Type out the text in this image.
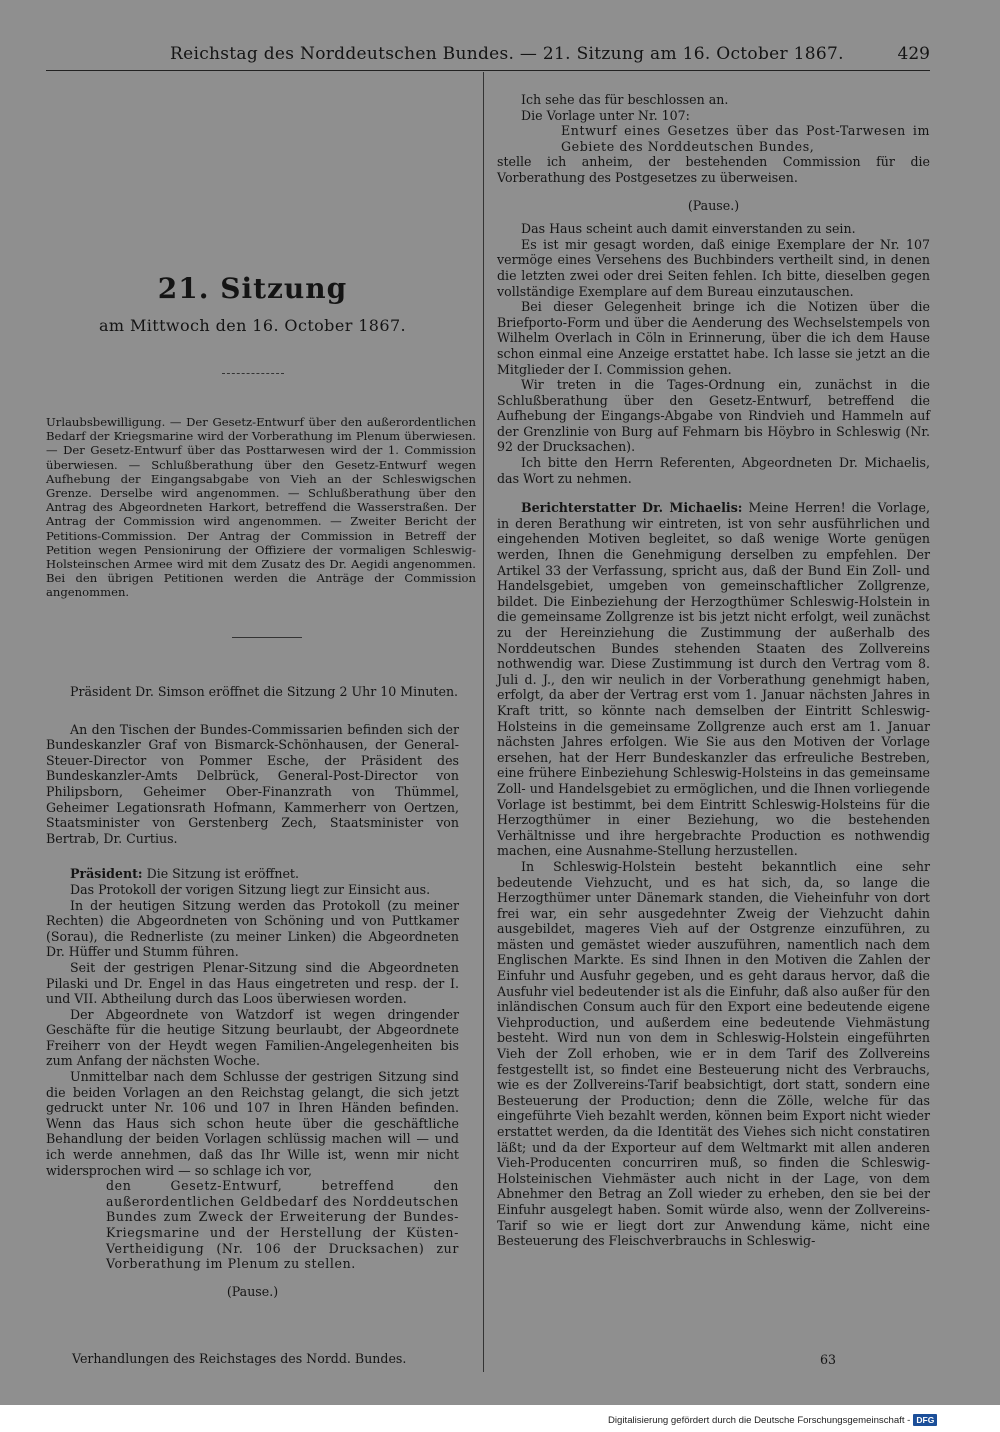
Reichstag des Norddeutschen Bundes. — 21. Sitzung am 16. October 1867.	429
21. Sitzung
am Mittwoch den 16. October 1867.
Urlaubsbewilligung. — Der Gesetz-Entwurf über den außerordentlichen Bedarf der Kriegsmarine wird der Vorberathung im Plenum überwiesen. — Der Gesetz-Entwurf über das Posttarwesen wird der 1. Commission überwiesen. — Schlußberathung über den Gesetz-Entwurf wegen Aufhebung der Eingangsabgabe von Vieh an der Schleswigschen Grenze. Derselbe wird angenommen. — Schlußberathung über den Antrag des Abgeordneten Harkort, betreffend die Wasserstraßen. Der Antrag der Commission wird angenommen. — Zweiter Bericht der Petitions-Commission. Der Antrag der Commission in Betreff der Petition wegen Pensionirung der Offiziere der vormaligen Schleswig-Holsteinschen Armee wird mit dem Zusatz des Dr. Aegidi angenommen. Bei den übrigen Petitionen werden die Anträge der Commission angenommen.

Präsident Dr. Simson eröffnet die Sitzung 2 Uhr 10 Minuten.

An den Tischen der Bundes-Commissarien befinden sich der Bundeskanzler Graf von Bismarck-Schönhausen, der General-Steuer-Director von Pommer Esche, der Präsident des Bundeskanzler-Amts Delbrück, General-Post-Director von Philipsborn, Geheimer Ober-Finanzrath von Thümmel, Geheimer Legationsrath Hofmann, Kammerherr von Oertzen, Staatsminister von Gerstenberg Zech, Staatsminister von Bertrab, Dr. Curtius.

Präsident: Die Sitzung ist eröffnet.

Das Protokoll der vorigen Sitzung liegt zur Einsicht aus.

In der heutigen Sitzung werden das Protokoll (zu meiner Rechten) die Abgeordneten von Schöning und von Puttkamer (Sorau), die Rednerliste (zu meiner Linken) die Abgeordneten Dr. Hüffer und Stumm führen.

Seit der gestrigen Plenar-Sitzung sind die Abgeordneten Pilaski und Dr. Engel in das Haus eingetreten und resp. der I. und VII. Abtheilung durch das Loos überwiesen worden.

Der Abgeordnete von Watzdorf ist wegen dringender Geschäfte für die heutige Sitzung beurlaubt, der Abgeordnete Freiherr von der Heydt wegen Familien-Angelegenheiten bis zum Anfang der nächsten Woche.

Unmittelbar nach dem Schlusse der gestrigen Sitzung sind die beiden Vorlagen an den Reichstag gelangt, die sich jetzt gedruckt unter Nr. 106 und 107 in Ihren Händen befinden. Wenn das Haus sich schon heute über die geschäftliche Behandlung der beiden Vorlagen schlüssig machen will — und ich werde annehmen, daß das Ihr Wille ist, wenn mir nicht widersprochen wird — so schlage ich vor,

den Gesetz-Entwurf, betreffend den außerordentlichen Geldbedarf des Norddeutschen Bundes zum Zweck der Erweiterung der Bundes-Kriegsmarine und der Herstellung der Küsten-Vertheidigung (Nr. 106 der Drucksachen) zur Vorberathung im Plenum zu stellen.

(Pause.)

Verhandlungen des Reichstages des Nordd. Bundes.

Ich sehe das für beschlossen an.

Die Vorlage unter Nr. 107:

Entwurf eines Gesetzes über das Post-Tarwesen im Gebiete des Norddeutschen Bundes,

stelle ich anheim, der bestehenden Commission für die Vorberathung des Postgesetzes zu überweisen.

(Pause.)

Das Haus scheint auch damit einverstanden zu sein.

Es ist mir gesagt worden, daß einige Exemplare der Nr. 107 vermöge eines Versehens des Buchbinders vertheilt sind, in denen die letzten zwei oder drei Seiten fehlen. Ich bitte, dieselben gegen vollständige Exemplare auf dem Bureau einzutauschen.

Bei dieser Gelegenheit bringe ich die Notizen über die Briefporto-Form und über die Aenderung des Wechselstempels von Wilhelm Overlach in Cöln in Erinnerung, über die ich dem Hause schon einmal eine Anzeige erstattet habe. Ich lasse sie jetzt an die Mitglieder der I. Commission gehen.

Wir treten in die Tages-Ordnung ein, zunächst in die Schlußberathung über den Gesetz-Entwurf, betreffend die Aufhebung der Eingangs-Abgabe von Rindvieh und Hammeln auf der Grenzlinie von Burg auf Fehmarn bis Höybro in Schleswig (Nr. 92 der Drucksachen).

Ich bitte den Herrn Referenten, Abgeordneten Dr. Michaelis, das Wort zu nehmen.

Berichterstatter Dr. Michaelis: Meine Herren! die Vorlage, in deren Berathung wir eintreten, ist von sehr ausführlichen und eingehenden Motiven begleitet, so daß wenige Worte genügen werden, Ihnen die Genehmigung derselben zu empfehlen. Der Artikel 33 der Verfassung, spricht aus, daß der Bund Ein Zoll- und Handelsgebiet, umgeben von gemeinschaftlicher Zollgrenze, bildet. Die Einbeziehung der Herzogthümer Schleswig-Holstein in die gemeinsame Zollgrenze ist bis jetzt nicht erfolgt, weil zunächst zu der Hereinziehung die Zustimmung der außerhalb des Norddeutschen Bundes stehenden Staaten des Zollvereins nothwendig war. Diese Zustimmung ist durch den Vertrag vom 8. Juli d. J., den wir neulich in der Vorberathung genehmigt haben, erfolgt, da aber der Vertrag erst vom 1. Januar nächsten Jahres in Kraft tritt, so könnte nach demselben der Eintritt Schleswig-Holsteins in die gemeinsame Zollgrenze auch erst am 1. Januar nächsten Jahres erfolgen. Wie Sie aus den Motiven der Vorlage ersehen, hat der Herr Bundeskanzler das erfreuliche Bestreben, eine frühere Einbeziehung Schleswig-Holsteins in das gemeinsame Zoll- und Handelsgebiet zu ermöglichen, und die Ihnen vorliegende Vorlage ist bestimmt, bei dem Eintritt Schleswig-Holsteins für die Herzogthümer in einer Beziehung, wo die bestehenden Verhältnisse und ihre hergebrachte Production es nothwendig machen, eine Ausnahme-Stellung herzustellen.

In Schleswig-Holstein besteht bekanntlich eine sehr bedeutende Viehzucht, und es hat sich, da, so lange die Herzogthümer unter Dänemark standen, die Vieheinfuhr von dort frei war, ein sehr ausgedehnter Zweig der Viehzucht dahin ausgebildet, mageres Vieh auf der Ostgrenze einzuführen, zu mästen und gemästet wieder auszuführen, namentlich nach dem Englischen Markte. Es sind Ihnen in den Motiven die Zahlen der Einfuhr und Ausfuhr gegeben, und es geht daraus hervor, daß die Ausfuhr viel bedeutender ist als die Einfuhr, daß also außer für den inländischen Consum auch für den Export eine bedeutende eigene Viehproduction, und außerdem eine bedeutende Viehmästung besteht. Wird nun von dem in Schleswig-Holstein eingeführten Vieh der Zoll erhoben, wie er in dem Tarif des Zollvereins festgestellt ist, so findet eine Besteuerung nicht des Verbrauchs, wie es der Zollvereins-Tarif beabsichtigt, dort statt, sondern eine Besteuerung der Production; denn die Zölle, welche für das eingeführte Vieh bezahlt werden, können beim Export nicht wieder erstattet werden, da die Identität des Viehes sich nicht constatiren läßt; und da der Exporteur auf dem Weltmarkt mit allen anderen Vieh-Producenten concurriren muß, so finden die Schleswig-Holsteinischen Viehmäster auch nicht in der Lage, von dem Abnehmer den Betrag an Zoll wieder zu erheben, den sie bei der Einfuhr ausgelegt haben. Somit würde also, wenn der Zollvereins-Tarif so wie er liegt dort zur Anwendung käme, nicht eine Besteuerung des Fleischverbrauchs in Schleswig-

63
Digitalisierung gefördert durch die Deutsche Forschungsgemeinschaft - DFG
